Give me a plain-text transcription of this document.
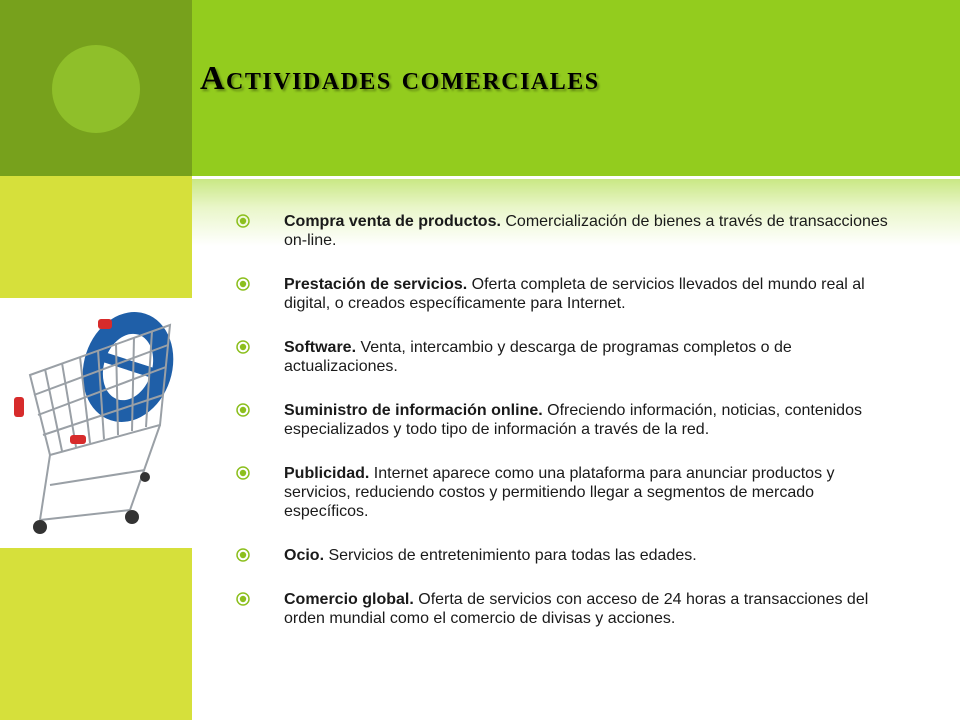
Actividades comerciales
Compra venta de productos. Comercialización de bienes a través de transacciones on-line.
Prestación de servicios. Oferta completa de servicios llevados del mundo real al digital, o creados específicamente para Internet.
Software. Venta, intercambio y descarga de programas completos o de actualizaciones.
Suministro de información online. Ofreciendo información, noticias, contenidos especializados y todo tipo de información a través de la red.
Publicidad. Internet aparece como una plataforma para anunciar productos y servicios, reduciendo costos y permitiendo llegar a segmentos de mercado específicos.
Ocio. Servicios de entretenimiento para todas las edades.
Comercio global. Oferta de servicios con acceso de 24 horas a transacciones del orden mundial como el comercio de divisas y acciones.
